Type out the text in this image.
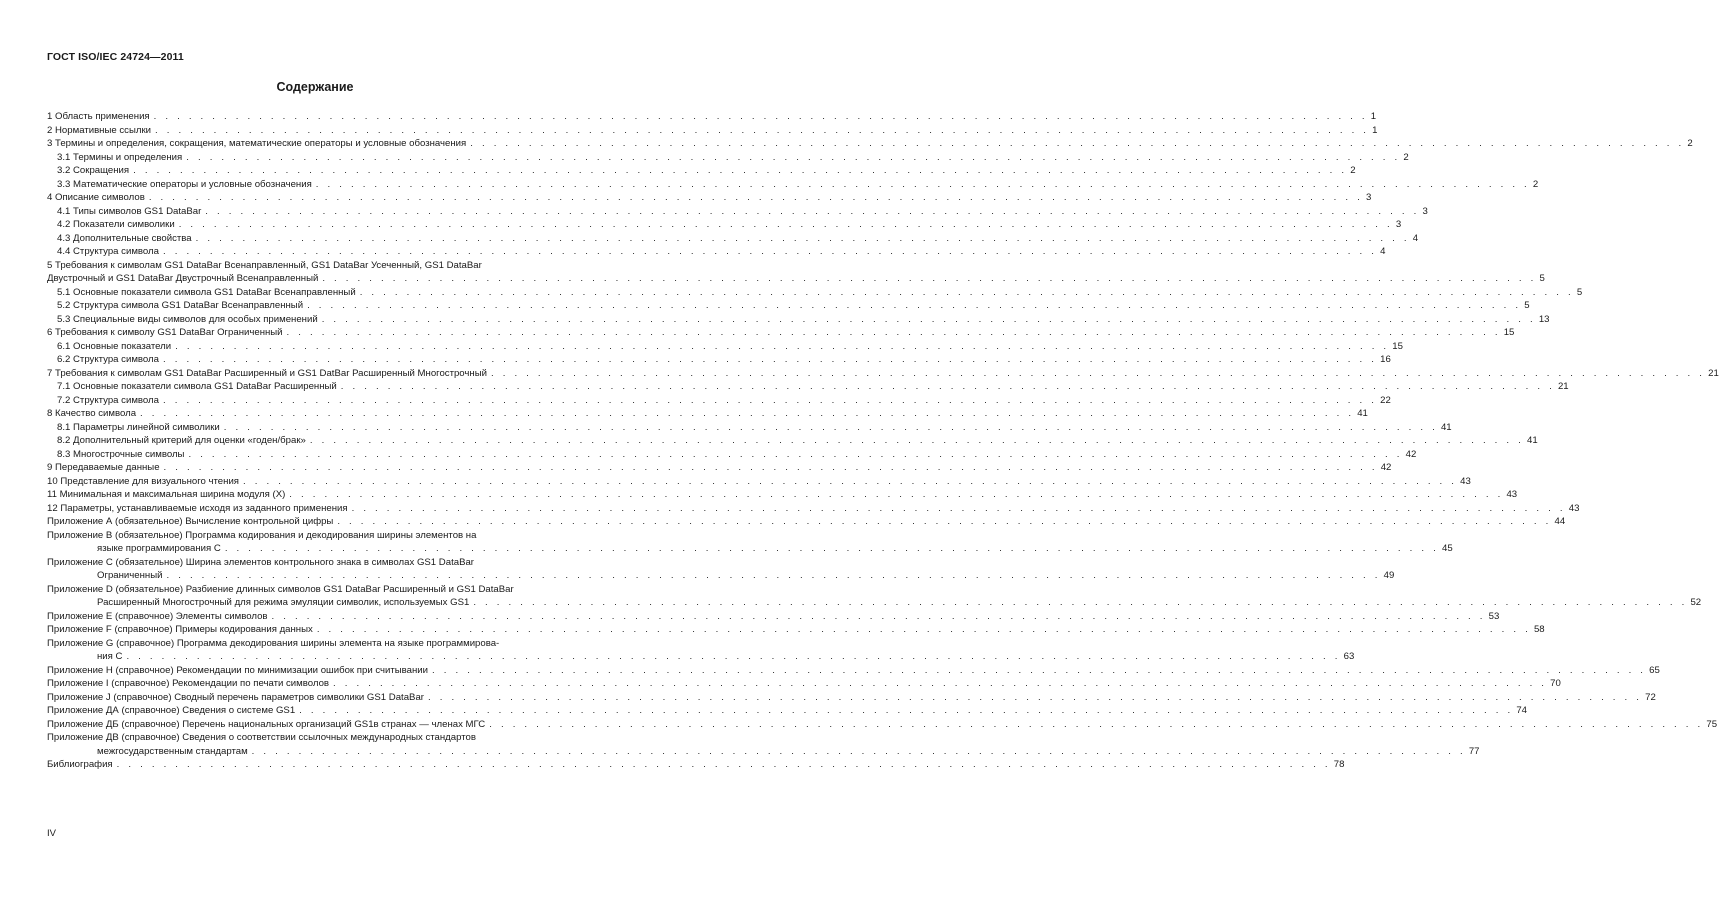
ГОСТ ISO/IEC 24724—2011
Содержание
1 Область применения . . . . . . . . . . . . . . . . . . . . . . . . . . . . . . . . . . . . . . . . . . . . . . . . . . . . . . . . . . . . . . . . . . . . . . . . . . . . . . . . . . . . . . . . . . . . . . . . . . . . . . . . 1
2 Нормативные ссылки . . . . . . . . . . . . . . . . . . . . . . . . . . . . . . . . . . . . . . . . . . . . . . . . . . . . . . . . . . . . . . . . . . . . . . . . . . . . . . . . . . . . . . . . . . . . . . . . . . . . . . . . 1
3 Термины и определения, сокращения, математические операторы и условные обозначения . . . . . . . . . . . . . . . . . . . . . . . . . . . . . . . . . . . . . . . . . . . . . . . . . . . . . . . . . . . . . . . . . . . . . . . . . . . . . . . . . . . . . . . . . . . . . . . . . . . . . . . . 2
3.1 Термины и определения . . . . . . . . . . . . . . . . . . . . . . . . . . . . . . . . . . . . . . . . . . . . . . . . . . . . . . . . . . . . . . . . . . . . . . . . . . . . . . . . . . . . . . . . . . . . . . . . . . . . . . . . 2
3.2 Сокращения . . . . . . . . . . . . . . . . . . . . . . . . . . . . . . . . . . . . . . . . . . . . . . . . . . . . . . . . . . . . . . . . . . . . . . . . . . . . . . . . . . . . . . . . . . . . . . . . . . . . . . . . 2
3.3 Математические операторы и условные обозначения . . . . . . . . . . . . . . . . . . . . . . . . . . . . . . . . . . . . . . . . . . . . . . . . . . . . . . . . . . . . . . . . . . . . . . . . . . . . . . . . . . . . . . . . . . . . . . . . . . . . . . . . 2
4 Описание символов . . . . . . . . . . . . . . . . . . . . . . . . . . . . . . . . . . . . . . . . . . . . . . . . . . . . . . . . . . . . . . . . . . . . . . . . . . . . . . . . . . . . . . . . . . . . . . . . . . . . . . . . 3
4.1 Типы символов GS1 DataBar . . . . . . . . . . . . . . . . . . . . . . . . . . . . . . . . . . . . . . . . . . . . . . . . . . . . . . . . . . . . . . . . . . . . . . . . . . . . . . . . . . . . . . . . . . . . . . . . . . . . . . . . 3
4.2 Показатели символики . . . . . . . . . . . . . . . . . . . . . . . . . . . . . . . . . . . . . . . . . . . . . . . . . . . . . . . . . . . . . . . . . . . . . . . . . . . . . . . . . . . . . . . . . . . . . . . . . . . . . . . . 3
4.3 Дополнительные свойства . . . . . . . . . . . . . . . . . . . . . . . . . . . . . . . . . . . . . . . . . . . . . . . . . . . . . . . . . . . . . . . . . . . . . . . . . . . . . . . . . . . . . . . . . . . . . . . . . . . . . . . . 4
4.4 Структура символа . . . . . . . . . . . . . . . . . . . . . . . . . . . . . . . . . . . . . . . . . . . . . . . . . . . . . . . . . . . . . . . . . . . . . . . . . . . . . . . . . . . . . . . . . . . . . . . . . . . . . . . . 4
5 Требования к символам GS1 DataBar Всенаправленный, GS1 DataBar Усеченный, GS1 DataBar
Двустрочный и GS1 DataBar Двустрочный Всенаправленный . . . . . . . . . . . . . . . . . . . . . . . . . . . . . . . . . . . . . . . . . . . . . . . . . . . . . . . . . . . . . . . . . . . . . . . . . . . . . . . . . . . . . . . . . . . . . . . . . . . . . . . . 5
5.1 Основные показатели символа GS1 DataBar Всенаправленный . . . . . . . . . . . . . . . . . . . . . . . . . . . . . . . . . . . . . . . . . . . . . . . . . . . . . . . . . . . . . . . . . . . . . . . . . . . . . . . . . . . . . . . . . . . . . . . . . . . . . . . . 5
5.2 Структура символа GS1 DataBar Всенаправленный . . . . . . . . . . . . . . . . . . . . . . . . . . . . . . . . . . . . . . . . . . . . . . . . . . . . . . . . . . . . . . . . . . . . . . . . . . . . . . . . . . . . . . . . . . . . . . . . . . . . . . . . 5
5.3 Специальные виды символов для особых применений . . . . . . . . . . . . . . . . . . . . . . . . . . . . . . . . . . . . . . . . . . . . . . . . . . . . . . . . . . . . . . . . . . . . . . . . . . . . . . . . . . . . . . . . . . . . . . . . . . . . . . . . 13
6 Требования к символу GS1 DataBar Ограниченный . . . . . . . . . . . . . . . . . . . . . . . . . . . . . . . . . . . . . . . . . . . . . . . . . . . . . . . . . . . . . . . . . . . . . . . . . . . . . . . . . . . . . . . . . . . . . . . . . . . . . . . . 15
6.1 Основные показатели . . . . . . . . . . . . . . . . . . . . . . . . . . . . . . . . . . . . . . . . . . . . . . . . . . . . . . . . . . . . . . . . . . . . . . . . . . . . . . . . . . . . . . . . . . . . . . . . . . . . . . . . 15
6.2 Структура символа . . . . . . . . . . . . . . . . . . . . . . . . . . . . . . . . . . . . . . . . . . . . . . . . . . . . . . . . . . . . . . . . . . . . . . . . . . . . . . . . . . . . . . . . . . . . . . . . . . . . . . . . 16
7 Требования к символам GS1 DataBar Расширенный и GS1 DatBar Расширенный Многострочный . . . . . . . . . . . . . . . . . . . . . . . . . . . . . . . . . . . . . . . . . . . . . . . . . . . . . . . . . . . . . . . . . . . . . . . . . . . . . . . . . . . . . . . . . . . . . . . . . . . . . . . . 21
7.1 Основные показатели символа GS1 DataBar Расширенный . . . . . . . . . . . . . . . . . . . . . . . . . . . . . . . . . . . . . . . . . . . . . . . . . . . . . . . . . . . . . . . . . . . . . . . . . . . . . . . . . . . . . . . . . . . . . . . . . . . . . . . . 21
7.2 Структура символа . . . . . . . . . . . . . . . . . . . . . . . . . . . . . . . . . . . . . . . . . . . . . . . . . . . . . . . . . . . . . . . . . . . . . . . . . . . . . . . . . . . . . . . . . . . . . . . . . . . . . . . . 22
8 Качество символа . . . . . . . . . . . . . . . . . . . . . . . . . . . . . . . . . . . . . . . . . . . . . . . . . . . . . . . . . . . . . . . . . . . . . . . . . . . . . . . . . . . . . . . . . . . . . . . . . . . . . . . . 41
8.1 Параметры линейной символики . . . . . . . . . . . . . . . . . . . . . . . . . . . . . . . . . . . . . . . . . . . . . . . . . . . . . . . . . . . . . . . . . . . . . . . . . . . . . . . . . . . . . . . . . . . . . . . . . . . . . . . . 41
8.2 Дополнительный критерий для оценки «годен/брак» . . . . . . . . . . . . . . . . . . . . . . . . . . . . . . . . . . . . . . . . . . . . . . . . . . . . . . . . . . . . . . . . . . . . . . . . . . . . . . . . . . . . . . . . . . . . . . . . . . . . . . . . 41
8.3 Многострочные символы . . . . . . . . . . . . . . . . . . . . . . . . . . . . . . . . . . . . . . . . . . . . . . . . . . . . . . . . . . . . . . . . . . . . . . . . . . . . . . . . . . . . . . . . . . . . . . . . . . . . . . . . 42
9 Передаваемые данные . . . . . . . . . . . . . . . . . . . . . . . . . . . . . . . . . . . . . . . . . . . . . . . . . . . . . . . . . . . . . . . . . . . . . . . . . . . . . . . . . . . . . . . . . . . . . . . . . . . . . . . . 42
10 Представление для визуального чтения . . . . . . . . . . . . . . . . . . . . . . . . . . . . . . . . . . . . . . . . . . . . . . . . . . . . . . . . . . . . . . . . . . . . . . . . . . . . . . . . . . . . . . . . . . . . . . . . . . . . . . . . 43
11 Минимальная и максимальная ширина модуля (X) . . . . . . . . . . . . . . . . . . . . . . . . . . . . . . . . . . . . . . . . . . . . . . . . . . . . . . . . . . . . . . . . . . . . . . . . . . . . . . . . . . . . . . . . . . . . . . . . . . . . . . . . 43
12 Параметры, устанавливаемые исходя из заданного применения . . . . . . . . . . . . . . . . . . . . . . . . . . . . . . . . . . . . . . . . . . . . . . . . . . . . . . . . . . . . . . . . . . . . . . . . . . . . . . . . . . . . . . . . . . . . . . . . . . . . . . . . 43
Приложение А (обязательное) Вычисление контрольной цифры . . . . . . . . . . . . . . . . . . . . . . . . . . . . . . . . . . . . . . . . . . . . . . . . . . . . . . . . . . . . . . . . . . . . . . . . . . . . . . . . . . . . . . . . . . . . . . . . . . . . . . . . 44
Приложение В (обязательное) Программа кодирования и декодирования ширины элементов на
языке программирования С . . . . . . . . . . . . . . . . . . . . . . . . . . . . . . . . . . . . . . . . . . . . . . . . . . . . . . . . . . . . . . . . . . . . . . . . . . . . . . . . . . . . . . . . . . . . . . . . . . . . . . . . 45
Приложение С (обязательное) Ширина элементов контрольного знака в символах GS1 DataBar
Ограниченный . . . . . . . . . . . . . . . . . . . . . . . . . . . . . . . . . . . . . . . . . . . . . . . . . . . . . . . . . . . . . . . . . . . . . . . . . . . . . . . . . . . . . . . . . . . . . . . . . . . . . . . . 49
Приложение D (обязательное) Разбиение длинных символов GS1 DataBar Расширенный и GS1 DataBar
Расширенный Многострочный для режима эмуляции символик, используемых GS1 . . . . . . . . . . . . . . . . . . . . . . . . . . . . . . . . . . . . . . . . . . . . . . . . . . . . . . . . . . . . . . . . . . . . . . . . . . . . . . . . . . . . . . . . . . . . . . . . . . . . . . . . 52
Приложение Е (справочное) Элементы символов . . . . . . . . . . . . . . . . . . . . . . . . . . . . . . . . . . . . . . . . . . . . . . . . . . . . . . . . . . . . . . . . . . . . . . . . . . . . . . . . . . . . . . . . . . . . . . . . . . . . . . . . 53
Приложение F (справочное) Примеры кодирования данных . . . . . . . . . . . . . . . . . . . . . . . . . . . . . . . . . . . . . . . . . . . . . . . . . . . . . . . . . . . . . . . . . . . . . . . . . . . . . . . . . . . . . . . . . . . . . . . . . . . . . . . . 58
Приложение G (справочное) Программа декодирования ширины элемента на языке программирова-
ния С . . . . . . . . . . . . . . . . . . . . . . . . . . . . . . . . . . . . . . . . . . . . . . . . . . . . . . . . . . . . . . . . . . . . . . . . . . . . . . . . . . . . . . . . . . . . . . . . . . . . . . . . 63
Приложение Н (справочное) Рекомендации по минимизации ошибок при считывании . . . . . . . . . . . . . . . . . . . . . . . . . . . . . . . . . . . . . . . . . . . . . . . . . . . . . . . . . . . . . . . . . . . . . . . . . . . . . . . . . . . . . . . . . . . . . . . . . . . . . . . . 65
Приложение I (справочное) Рекомендации по печати символов . . . . . . . . . . . . . . . . . . . . . . . . . . . . . . . . . . . . . . . . . . . . . . . . . . . . . . . . . . . . . . . . . . . . . . . . . . . . . . . . . . . . . . . . . . . . . . . . . . . . . . . . 70
Приложение J (справочное) Сводный перечень параметров символики GS1 DataBar . . . . . . . . . . . . . . . . . . . . . . . . . . . . . . . . . . . . . . . . . . . . . . . . . . . . . . . . . . . . . . . . . . . . . . . . . . . . . . . . . . . . . . . . . . . . . . . . . . . . . . . . 72
Приложение ДА (справочное) Сведения о системе GS1 . . . . . . . . . . . . . . . . . . . . . . . . . . . . . . . . . . . . . . . . . . . . . . . . . . . . . . . . . . . . . . . . . . . . . . . . . . . . . . . . . . . . . . . . . . . . . . . . . . . . . . . . 74
Приложение ДБ (справочное) Перечень национальных организаций GS1в странах — членах МГС . . . . . . . . . . . . . . . . . . . . . . . . . . . . . . . . . . . . . . . . . . . . . . . . . . . . . . . . . . . . . . . . . . . . . . . . . . . . . . . . . . . . . . . . . . . . . . . . . . . . . . . . 75
Приложение ДВ (справочное) Сведения о соответствии ссылочных международных стандартов
межгосударственным стандартам . . . . . . . . . . . . . . . . . . . . . . . . . . . . . . . . . . . . . . . . . . . . . . . . . . . . . . . . . . . . . . . . . . . . . . . . . . . . . . . . . . . . . . . . . . . . . . . . . . . . . . . . 77
Библиография . . . . . . . . . . . . . . . . . . . . . . . . . . . . . . . . . . . . . . . . . . . . . . . . . . . . . . . . . . . . . . . . . . . . . . . . . . . . . . . . . . . . . . . . . . . . . . . . . . . . . . . . 78
IV
